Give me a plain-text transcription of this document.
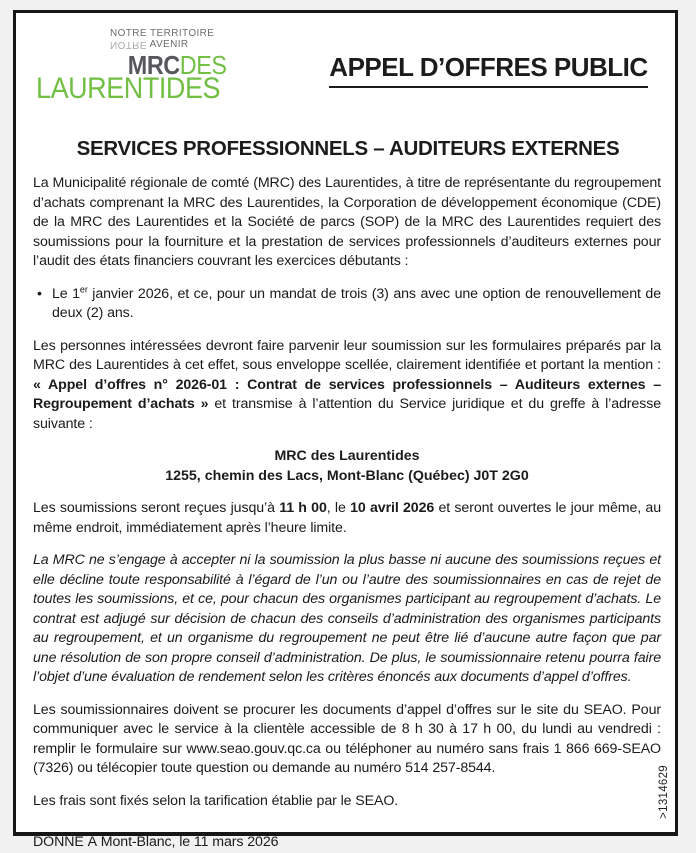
NOTRE TERRITOIRE
NOTRE AVENIR
MRCDES
LAURENTIDES
APPEL D’OFFRES PUBLIC
SERVICES PROFESSIONNELS – AUDITEURS EXTERNES

La Municipalité régionale de comté (MRC) des Laurentides, à titre de représentante du regroupement d’achats comprenant la MRC des Laurentides, la Corporation de développement économique (CDE) de la MRC des Laurentides et la Société de parcs (SOP) de la MRC des Laurentides requiert des soumissions pour la fourniture et la prestation de services professionnels d’auditeurs externes pour l’audit des états financiers couvrant les exercices débutants :

• Le 1er janvier 2026, et ce, pour un mandat de trois (3) ans avec une option de renouvellement de deux (2) ans.

Les personnes intéressées devront faire parvenir leur soumission sur les formulaires préparés par la MRC des Laurentides à cet effet, sous enveloppe scellée, clairement identifiée et portant la mention : « Appel d’offres n° 2026-01 : Contrat de services professionnels – Auditeurs externes – Regroupement d’achats » et transmise à l’attention du Service juridique et du greffe à l’adresse suivante :

MRC des Laurentides
1255, chemin des Lacs, Mont-Blanc (Québec) J0T 2G0

Les soumissions seront reçues jusqu’à 11 h 00, le 10 avril 2026 et seront ouvertes le jour même, au même endroit, immédiatement après l’heure limite.

La MRC ne s’engage à accepter ni la soumission la plus basse ni aucune des soumissions reçues et elle décline toute responsabilité à l’égard de l’un ou l’autre des soumissionnaires en cas de rejet de toutes les soumissions, et ce, pour chacun des organismes participant au regroupement d’achats. Le contrat est adjugé sur décision de chacun des conseils d’administration des organismes participants au regroupement, et un organisme du regroupement ne peut être lié d’aucune autre façon que par une résolution de son propre conseil d’administration. De plus, le soumissionnaire retenu pourra faire l’objet d’une évaluation de rendement selon les critères énoncés aux documents d’appel d’offres.

Les soumissionnaires doivent se procurer les documents d’appel d’offres sur le site du SEAO. Pour communiquer avec le service à la clientèle accessible de 8 h 30 à 17 h 00, du lundi au vendredi : remplir le formulaire sur www.seao.gouv.qc.ca ou téléphoner au numéro sans frais 1 866 669-SEAO (7326) ou télécopier toute question ou demande au numéro 514 257-8544.

Les frais sont fixés selon la tarification établie par le SEAO.

DONNÉ À Mont-Blanc, le 11 mars 2026

>1314629
